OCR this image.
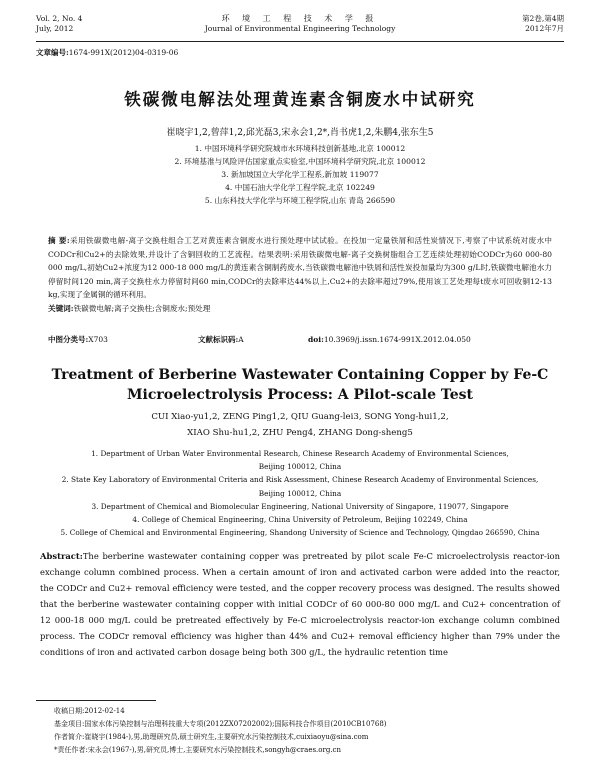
Vol. 2, No. 4
July, 2012
环 境 工 程 技 术 学 报
Journal of Environmental Engineering Technology
第2卷,第4期
2012年7月
文章编号:1674-991X(2012)04-0319-06
铁碳微电解法处理黄连素含铜废水中试研究
崔晓宇1,2,曾萍1,2,邱光磊3,宋永会1,2*,肖书虎1,2,朱鹏4,张东生5
1. 中国环境科学研究院城市水环境科技创新基地,北京 100012
2. 环境基准与风险评估国家重点实验室,中国环境科学研究院,北京 100012
3. 新加坡国立大学化学工程系,新加坡 119077
4. 中国石油大学化学工程学院,北京 102249
5. 山东科技大学化学与环境工程学院,山东 青岛 266590
摘 要:采用铁碳微电解-离子交换柱组合工艺对黄连素含铜废水进行预处理中试试验。在投加一定量铁屑和活性炭情况下,考察了中试系统对废水中CODCr和Cu2+的去除效果,并设计了含铜回收的工艺流程。结果表明:采用铁碳微电解-离子交换树脂组合工艺连续处理初始CODCr为60 000-80 000 mg/L,初始Cu2+浓度为12 000-18 000 mg/L的黄连素含铜制药废水,当铁碳微电解池中铁屑和活性炭投加量均为300 g/L时,铁碳微电解池水力停留时间120 min,离子交换柱水力停留时间60 min,CODCr的去除率达44%以上,Cu2+的去除率超过79%,使用该工艺处理每t废水可回收铜12-13 kg,实现了金属铜的循环利用。
关键词:铁碳微电解;离子交换柱;含铜废水;预处理
中图分类号:X703	文献标识码:A	doi:10.3969/j.issn.1674-991X.2012.04.050
Treatment of Berberine Wastewater Containing Copper by Fe-C
Microelectrolysis Process: A Pilot-scale Test
CUI Xiao-yu1,2, ZENG Ping1,2, QIU Guang-lei3, SONG Yong-hui1,2,
XIAO Shu-hu1,2, ZHU Peng4, ZHANG Dong-sheng5
1. Department of Urban Water Environmental Research, Chinese Research Academy of Environmental Sciences,
Beijing 100012, China
2. State Key Laboratory of Environmental Criteria and Risk Assessment, Chinese Research Academy of Environmental Sciences,
Beijing 100012, China
3. Department of Chemical and Biomolecular Engineering, National University of Singapore, 119077, Singapore
4. College of Chemical Engineering, China University of Petroleum, Beijing 102249, China
5. College of Chemical and Environmental Engineering, Shandong University of Science and Technology, Qingdao 266590, China
Abstract:The berberine wastewater containing copper was pretreated by pilot scale Fe-C microelectrolysis reactor-ion exchange column combined process. When a certain amount of iron and activated carbon were added into the reactor, the CODCr and Cu2+ removal efficiency were tested, and the copper recovery process was designed. The results showed that the berberine wastewater containing copper with initial CODCr of 60 000-80 000 mg/L and Cu2+ concentration of 12 000-18 000 mg/L could be pretreated effectively by Fe-C microelectrolysis reactor-ion exchange column combined process. The CODCr removal efficiency was higher than 44% and Cu2+ removal efficiency higher than 79% under the conditions of iron and activated carbon dosage being both 300 g/L, the hydraulic retention time
收稿日期:2012-02-14
基金项目:国家水体污染控制与治理科技重大专项(2012ZX07202002);国际科技合作项目(2010CB10768)
作者简介:崔晓宇(1984-),男,助理研究员,硕士研究生,主要研究水污染控制技术,cuixiaoyu@sina.com
*责任作者:宋永会(1967-),男,研究员,博士,主要研究水污染控制技术,songyh@craes.org.cn
